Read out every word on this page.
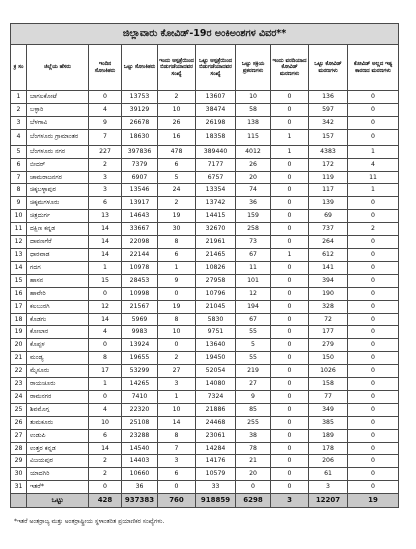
ಜಿಲ್ಲಾವಾರು ಕೋವಿಡ್-19ರ ಅಂಕಿಅಂಶಗಳ ವಿವರ**									
ಕ್ರ ಸಂ	ಜಿಲ್ಲೆಯ ಹೆಸರು	ಇಂದಿನ ಸೋಂಕಿತರು	ಒಟ್ಟು ಸೋಂಕಿತರು	ಇಂದು ಆಸ್ಪತ್ರೆಯಿಂದ ಬಿಡುಗಡೆಯಾದವರ ಸಂಖ್ಯೆ	ಒಟ್ಟು ಆಸ್ಪತ್ರೆಯಿಂದ ಬಿಡುಗಡೆಯಾದವರ ಸಂಖ್ಯೆ	ಒಟ್ಟು ಸಕ್ರಿಯ ಪ್ರಕರಣಗಳು	ಇಂದು ವರದಿಯಾದ ಕೋವಿಡ್ ಮರಣಗಳು	ಒಟ್ಟು ಕೋವಿಡ್ ಮರಣಗಳು	ಕೋವಿಡ್ ಅಲ್ಲದ ಇತ್ಯ ಕಾರಣದ ಮರಣಗಳು
1	ಬಾಗಲಕೋಟೆ	0	13753	2	13607	10	0	136	0
2	ಬಳ್ಳಾರಿ	4	39129	10	38474	58	0	597	0
3	ಬೆಳಗಾವಿ	9	26678	26	26198	138	0	342	0
4	ಬೆಂಗಳೂರು ಗ್ರಾಮಾಂತರ	7	18630	16	18358	115	1	157	0
5	ಬೆಂಗಳೂರು ನಗರ	227	397836	478	389440	4012	1	4383	1
6	ಬೀದರ್	2	7379	6	7177	26	0	172	4
7	ಚಾಮರಾಜನಗರ	3	6907	5	6757	20	0	119	11
8	ಚಿಕ್ಕಬಳ್ಳಾಪುರ	3	13546	24	13354	74	0	117	1
9	ಚಿಕ್ಕಮಗಳೂರು	6	13917	2	13742	36	0	139	0
10	ಚಿತ್ರದುರ್ಗ	13	14643	19	14415	159	0	69	0
11	ದಕ್ಷಿಣ ಕನ್ನಡ	14	33667	30	32670	258	0	737	2
12	ದಾವಣಗೆರೆ	14	22098	8	21961	73	0	264	0
13	ಧಾರವಾಡ	14	22144	6	21465	67	1	612	0
14	ಗದಗ	1	10978	1	10826	11	0	141	0
15	ಹಾಸನ	15	28453	9	27958	101	0	394	0
16	ಹಾವೇರಿ	0	10998	0	10796	12	0	190	0
17	ಕಲಬುರಗಿ	12	21567	19	21045	194	0	328	0
18	ಕೊಡಗು	14	5969	8	5830	67	0	72	0
19	ಕೋಲಾರ	4	9983	10	9751	55	0	177	0
20	ಕೊಪ್ಪಳ	0	13924	0	13640	5	0	279	0
21	ಮಂಡ್ಯ	8	19655	2	19450	55	0	150	0
22	ಮೈಸೂರು	17	53299	27	52054	219	0	1026	0
23	ರಾಯಚೂರು	1	14265	3	14080	27	0	158	0
24	ರಾಮನಗರ	0	7410	1	7324	9	0	77	0
25	ಶಿವಮೊಗ್ಗ	4	22320	10	21886	85	0	349	0
26	ತುಮಕೂರು	10	25108	14	24468	255	0	385	0
27	ಉಡುಪಿ	6	23288	8	23061	38	0	189	0
28	ಉತ್ತರ ಕನ್ನಡ	14	14540	7	14284	78	0	178	0
29	ವಿಜಯಪುರ	2	14403	3	14176	21	0	206	0
30	ಯಾದಗಿರಿ	2	10660	6	10579	20	0	61	0
31	ಇತರೆ*	0	36	0	33	0	0	3	0
	ಒಟ್ಟು	428	937383	760	918859	6298	3	12207	19
*ಇತರೆ ಅಂತರ್ರಾಜ್ಯ ಮತ್ತು ಅಂತರ್ರಾಷ್ಟ್ರೀಯ ಸ್ಥಳಾಂತರಿತ ಪ್ರಯಾಣಿಕರ ಸಂಖ್ಯೆಗಳು.
